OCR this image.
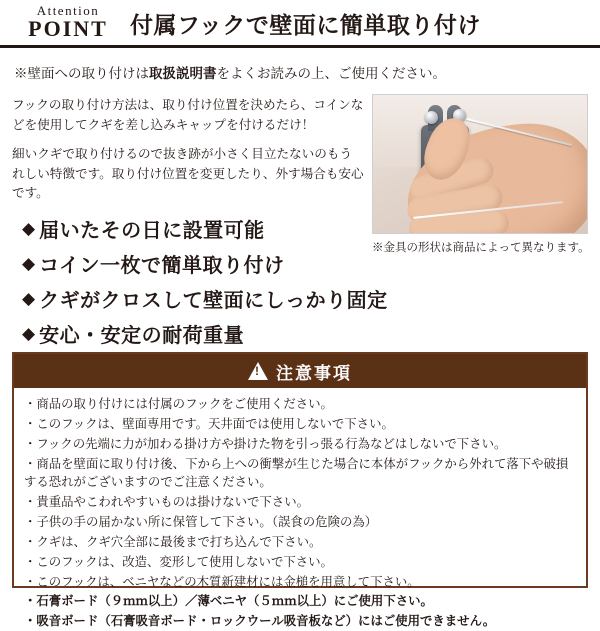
Attention
POINT 付属フックで壁面に簡単取り付け
※壁面への取り付けは取扱説明書をよくお読みの上、ご使用ください。

フックの取り付け方法は、取り付け位置を決めたら、コインなどを使用してクギを差し込みキャップを付けるだけ！

細いクギで取り付けるので抜き跡が小さく目立たないのもうれしい特徴です。取り付け位置を変更したり、外す場合も安心です。

※金具の形状は商品によって異なります。
◆ 届いたその日に設置可能
◆ コイン一枚で簡単取り付け
◆ クギがクロスして壁面にしっかり固定
◆ 安心・安定の耐荷重量
!
注意事項

・商品の取り付けには付属のフックをご使用ください。

・このフックは、壁面専用です。天井面では使用しないで下さい。

・フックの先端に力が加わる掛け方や掛けた物を引っ張る行為などはしないで下さい。

・商品を壁面に取り付け後、下から上への衝撃が生じた場合に本体がフックから外れて落下や破損する恐れがございますのでご注意ください。

・貴重品やこわれやすいものは掛けないで下さい。

・子供の手の届かない所に保管して下さい。（誤食の危険の為）

・クギは、クギ穴全部に最後まで打ち込んで下さい。

・このフックは、改造、変形して使用しないで下さい。

・このフックは、ベニヤなどの木質新建材には金槌を用意して下さい。

・石膏ボード（９ｍｍ以上）／薄ベニヤ（５ｍｍ以上）にご使用下さい。

・吸音ボード（石膏吸音ボード・ロックウール吸音板など）にはご使用できません。
